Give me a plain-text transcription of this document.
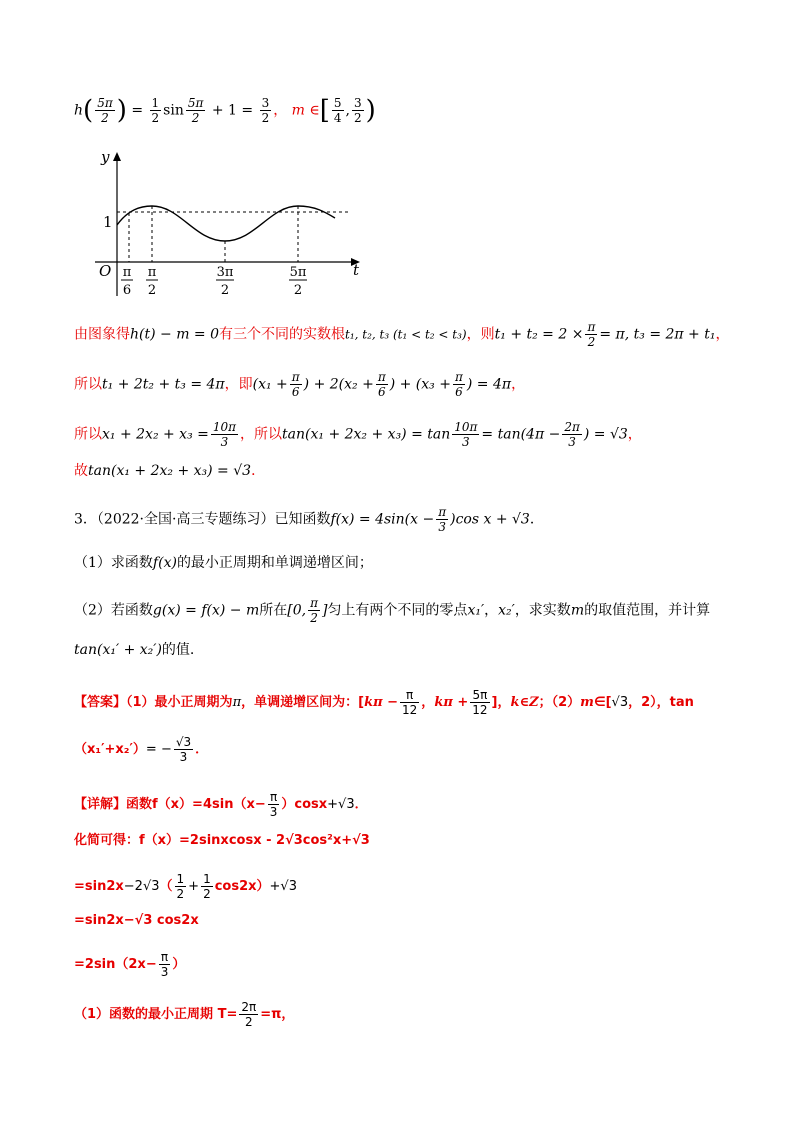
$h( \frac{5\pi}{2}$ ) = $\frac{1}{2}$ $\sin \frac{5\pi}{2} + 1 = \frac{3}{2}$ ， m ∈[ $\frac{5}{4}$ , $\frac{3}{2}$ )
y
1
O	t
π
6
π
2
3π
2
5π
2
由图象得h(t) − m = 0有三个不同的实数根t₁, t₂, t₃ (t₁ < t₂ < t₃)，则$t_1 + t_2 = 2 \times \frac{\pi}{2} = \pi$, t₃ = 2π + t₁，
所以t₁ + 2t₂ + t₃ = 4π，即($x_1 + \frac{\pi}{6}$ ) + $2(x_2 + \frac{\pi}{6}$ ) + ($x_3 + \frac{\pi}{6}$ ) = 4π，
所以$x_1 + 2x_2 + x_3 = \frac{10\pi}{3}$ ，所以$\tan(x_1 + 2x_2 + x_3) = \tan \frac{10\pi}{3} = \tan(4\pi - \frac{2\pi}{3}$ ) = √3，
故tan(x₁ + 2x₂ + x₃) = √3．
3．（2022·全国·高三专题练习）已知函数$f(x) = 4\sin(x - \frac{\pi}{3} )\cos$ x + √3．
（1）求函数f(x)的最小正周期和单调递增区间；
（2）若函数g(x) = f(x) − m所在[0, $\frac{\pi}{2}$ ]匀上有两个不同的零点x₁′，x₂′，求实数m的取值范围，并计算
tan(x₁′ + x₂′)的值.
【答案】（1）最小正周期为π，单调递增区间为：[$k\pi - \frac{\pi}{12}$ ，$k\pi + \frac{5\pi}{12}$ ]，k∈Z；（2）m∈[√3，2），tan
$(x_1'+x_2')= - \frac{√3}{3}$ ．
【详解】函数$f(x)=4\sin(x- \frac{\pi}{3} )\cos x+√3$．
化简可得：f（x）=2sinxcosx - 2√3cos²x+√3
$=\sin 2x-2√3( \frac{1}{2} + \frac{1}{2} \cos 2x)+√3$
=sin2x−√3 cos2x
$=2\sin(2x- \frac{\pi}{3}$ ）
（1）函数的最小正周期 $T= \frac{2\pi}{2} =\pi$，
